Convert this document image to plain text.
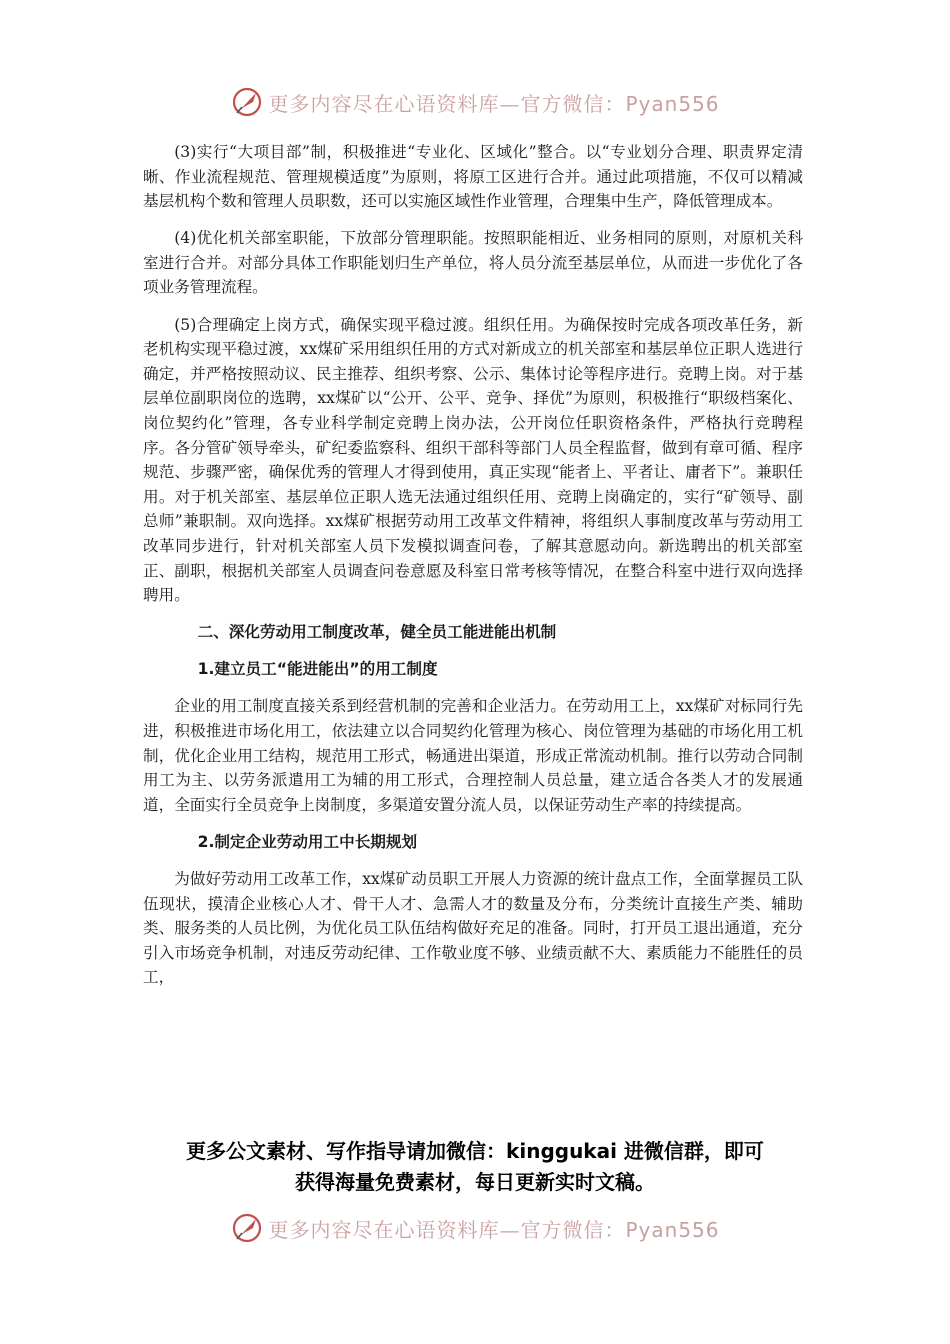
更多内容尽在心语资料库—官方微信：Pyan556

(3)实行“大项目部”制，积极推进“专业化、区域化”整合。以“专业划分合理、职责界定清晰、作业流程规范、管理规模适度”为原则，将原工区进行合并。通过此项措施，不仅可以精减基层机构个数和管理人员职数，还可以实施区域性作业管理，合理集中生产，降低管理成本。

(4)优化机关部室职能，下放部分管理职能。按照职能相近、业务相同的原则，对原机关科室进行合并。对部分具体工作职能划归生产单位，将人员分流至基层单位，从而进一步优化了各项业务管理流程。

(5)合理确定上岗方式，确保实现平稳过渡。组织任用。为确保按时完成各项改革任务，新老机构实现平稳过渡，xx煤矿采用组织任用的方式对新成立的机关部室和基层单位正职人选进行确定，并严格按照动议、民主推荐、组织考察、公示、集体讨论等程序进行。竞聘上岗。对于基层单位副职岗位的选聘，xx煤矿以“公开、公平、竞争、择优”为原则，积极推行“职级档案化、岗位契约化”管理，各专业科学制定竞聘上岗办法，公开岗位任职资格条件，严格执行竞聘程序。各分管矿领导牵头，矿纪委监察科、组织干部科等部门人员全程监督，做到有章可循、程序规范、步骤严密，确保优秀的管理人才得到使用，真正实现“能者上、平者让、庸者下”。兼职任用。对于机关部室、基层单位正职人选无法通过组织任用、竞聘上岗确定的，实行“矿领导、副总师”兼职制。双向选择。xx煤矿根据劳动用工改革文件精神，将组织人事制度改革与劳动用工改革同步进行，针对机关部室人员下发模拟调查问卷，了解其意愿动向。新选聘出的机关部室正、副职，根据机关部室人员调查问卷意愿及科室日常考核等情况，在整合科室中进行双向选择聘用。

二、深化劳动用工制度改革，健全员工能进能出机制
1.建立员工“能进能出”的用工制度

企业的用工制度直接关系到经营机制的完善和企业活力。在劳动用工上，xx煤矿对标同行先进，积极推进市场化用工，依法建立以合同契约化管理为核心、岗位管理为基础的市场化用工机制，优化企业用工结构，规范用工形式，畅通进出渠道，形成正常流动机制。推行以劳动合同制用工为主、以劳务派遣用工为辅的用工形式，合理控制人员总量，建立适合各类人才的发展通道，全面实行全员竞争上岗制度，多渠道安置分流人员，以保证劳动生产率的持续提高。

2.制定企业劳动用工中长期规划

为做好劳动用工改革工作，xx煤矿动员职工开展人力资源的统计盘点工作，全面掌握员工队伍现状，摸清企业核心人才、骨干人才、急需人才的数量及分布，分类统计直接生产类、辅助类、服务类的人员比例，为优化员工队伍结构做好充足的准备。同时，打开员工退出通道，充分引入市场竞争机制，对违反劳动纪律、工作敬业度不够、业绩贡献不大、素质能力不能胜任的员工，

更多公文素材、写作指导请加微信：kinggukai 进微信群，即可
获得海量免费素材，每日更新实时文稿。
更多内容尽在心语资料库—官方微信：Pyan556
